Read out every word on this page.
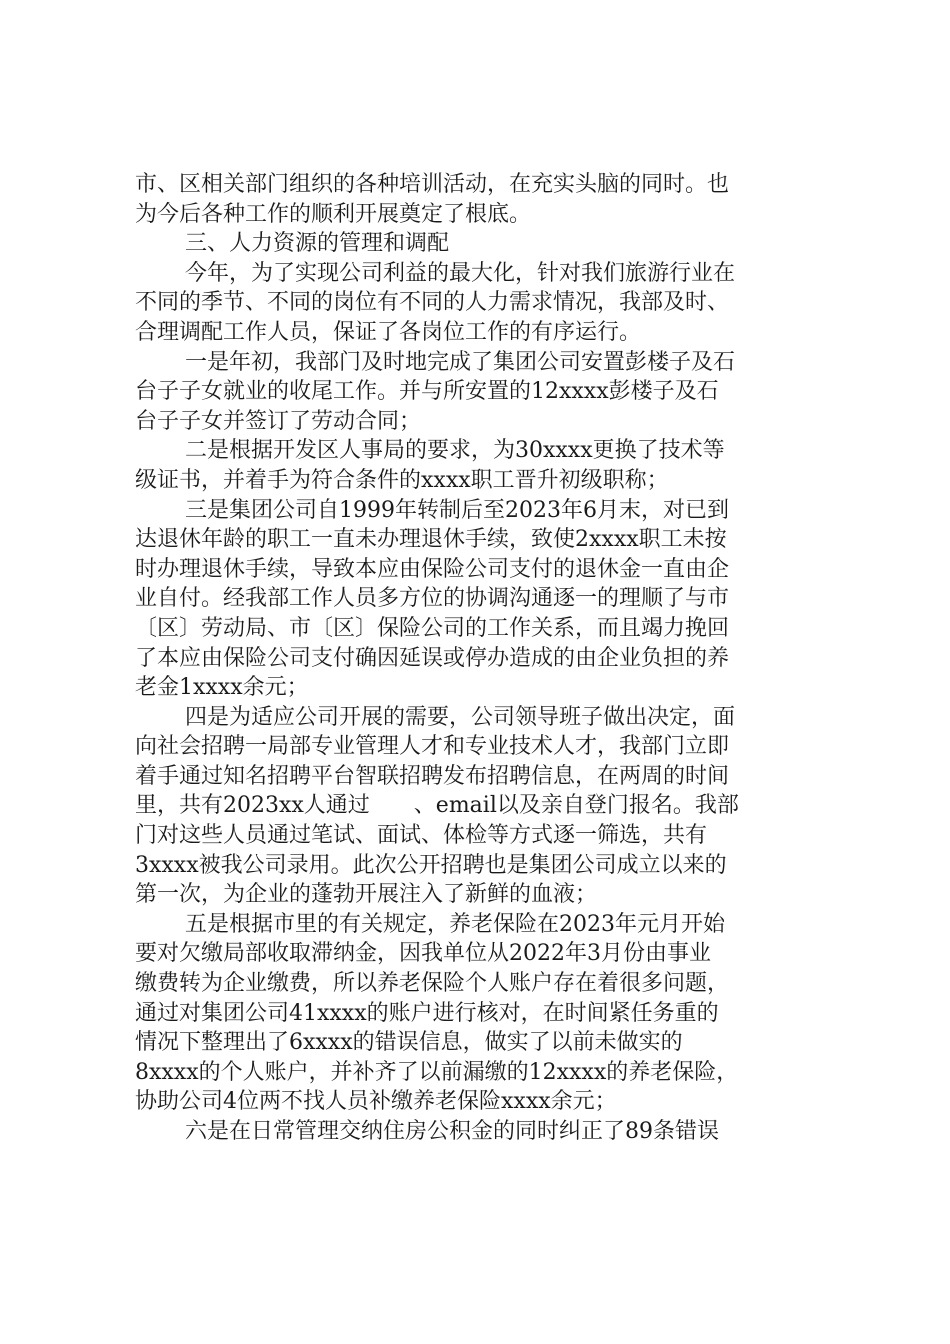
市、区相关部门组织的各种培训活动，在充实头脑的同时。也
为今后各种工作的顺利开展奠定了根底。
三、人力资源的管理和调配
今年，为了实现公司利益的最大化，针对我们旅游行业在
不同的季节、不同的岗位有不同的人力需求情况，我部及时、
合理调配工作人员，保证了各岗位工作的有序运行。
一是年初，我部门及时地完成了集团公司安置彭楼子及石
台子子女就业的收尾工作。并与所安置的12xxxx彭楼子及石
台子子女并签订了劳动合同；
二是根据开发区人事局的要求，为30xxxx更换了技术等
级证书，并着手为符合条件的xxxx职工晋升初级职称；
三是集团公司自1999年转制后至2023年6月末，对已到
达退休年龄的职工一直未办理退休手续，致使2xxxx职工未按
时办理退休手续，导致本应由保险公司支付的退休金一直由企
业自付。经我部工作人员多方位的协调沟通逐一的理顺了与市
〔区〕劳动局、市〔区〕保险公司的工作关系，而且竭力挽回
了本应由保险公司支付确因延误或停办造成的由企业负担的养
老金1xxxx余元；
四是为适应公司开展的需要，公司领导班子做出决定，面
向社会招聘一局部专业管理人才和专业技术人才，我部门立即
着手通过知名招聘平台智联招聘发布招聘信息，在两周的时间
里，共有2023xx人通过　　、email以及亲自登门报名。我部
门对这些人员通过笔试、面试、体检等方式逐一筛选，共有
3xxxx被我公司录用。此次公开招聘也是集团公司成立以来的
第一次，为企业的蓬勃开展注入了新鲜的血液；
五是根据市里的有关规定，养老保险在2023年元月开始
要对欠缴局部收取滞纳金，因我单位从2022年3月份由事业
缴费转为企业缴费，所以养老保险个人账户存在着很多问题，
通过对集团公司41xxxx的账户进行核对，在时间紧任务重的
情况下整理出了6xxxx的错误信息，做实了以前未做实的
8xxxx的个人账户，并补齐了以前漏缴的12xxxx的养老保险，
协助公司4位两不找人员补缴养老保险xxxx余元；
六是在日常管理交纳住房公积金的同时纠正了89条错误
